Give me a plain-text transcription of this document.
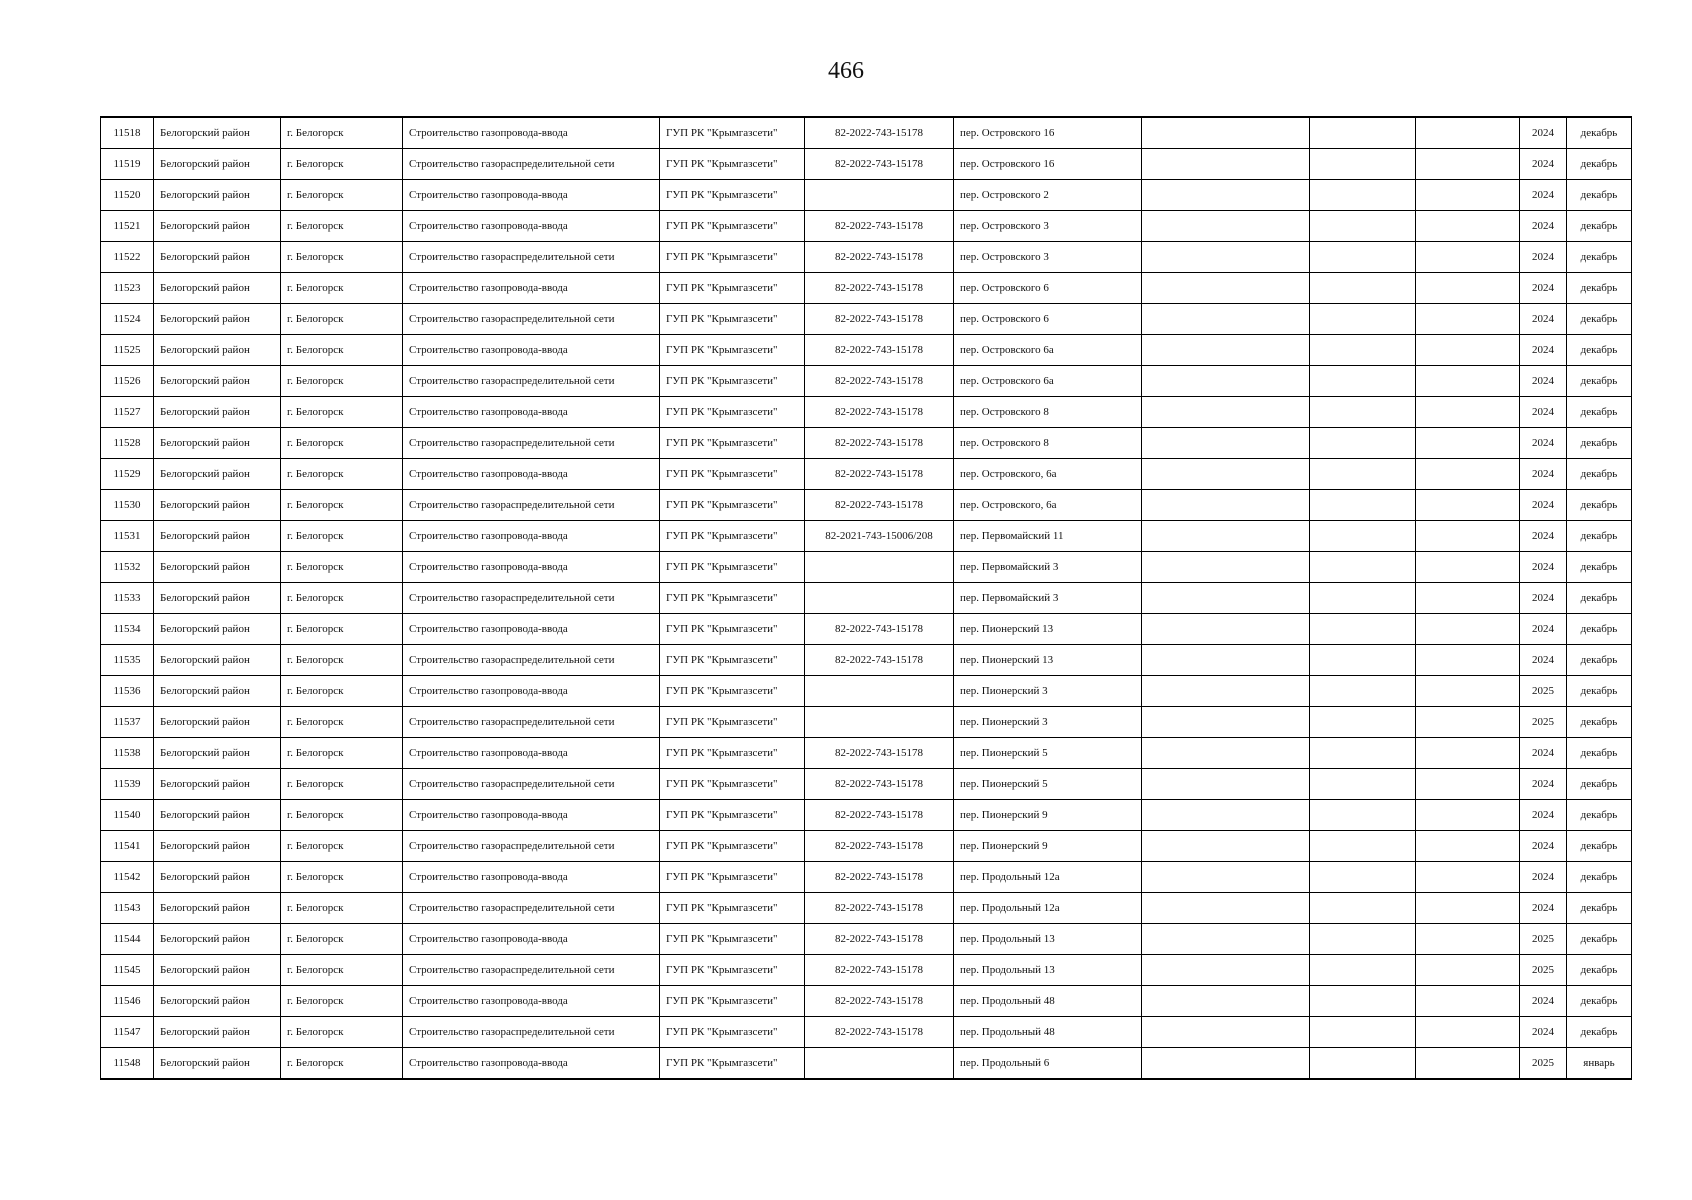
466
11518	Белогорский район	г. Белогорск	Строительство газопровода-ввода	ГУП РК "Крымгазсети"	82-2022-743-15178	пер. Островского 16				2024	декабрь
11519	Белогорский район	г. Белогорск	Строительство газораспределительной сети	ГУП РК "Крымгазсети"	82-2022-743-15178	пер. Островского 16				2024	декабрь
11520	Белогорский район	г. Белогорск	Строительство газопровода-ввода	ГУП РК "Крымгазсети"		пер. Островского 2				2024	декабрь
11521	Белогорский район	г. Белогорск	Строительство газопровода-ввода	ГУП РК "Крымгазсети"	82-2022-743-15178	пер. Островского 3				2024	декабрь
11522	Белогорский район	г. Белогорск	Строительство газораспределительной сети	ГУП РК "Крымгазсети"	82-2022-743-15178	пер. Островского 3				2024	декабрь
11523	Белогорский район	г. Белогорск	Строительство газопровода-ввода	ГУП РК "Крымгазсети"	82-2022-743-15178	пер. Островского 6				2024	декабрь
11524	Белогорский район	г. Белогорск	Строительство газораспределительной сети	ГУП РК "Крымгазсети"	82-2022-743-15178	пер. Островского 6				2024	декабрь
11525	Белогорский район	г. Белогорск	Строительство газопровода-ввода	ГУП РК "Крымгазсети"	82-2022-743-15178	пер. Островского 6а				2024	декабрь
11526	Белогорский район	г. Белогорск	Строительство газораспределительной сети	ГУП РК "Крымгазсети"	82-2022-743-15178	пер. Островского 6а				2024	декабрь
11527	Белогорский район	г. Белогорск	Строительство газопровода-ввода	ГУП РК "Крымгазсети"	82-2022-743-15178	пер. Островского 8				2024	декабрь
11528	Белогорский район	г. Белогорск	Строительство газораспределительной сети	ГУП РК "Крымгазсети"	82-2022-743-15178	пер. Островского 8				2024	декабрь
11529	Белогорский район	г. Белогорск	Строительство газопровода-ввода	ГУП РК "Крымгазсети"	82-2022-743-15178	пер. Островского, 6а				2024	декабрь
11530	Белогорский район	г. Белогорск	Строительство газораспределительной сети	ГУП РК "Крымгазсети"	82-2022-743-15178	пер. Островского, 6а				2024	декабрь
11531	Белогорский район	г. Белогорск	Строительство газопровода-ввода	ГУП РК "Крымгазсети"	82-2021-743-15006/208	пер. Первомайский 11				2024	декабрь
11532	Белогорский район	г. Белогорск	Строительство газопровода-ввода	ГУП РК "Крымгазсети"		пер. Первомайский 3				2024	декабрь
11533	Белогорский район	г. Белогорск	Строительство газораспределительной сети	ГУП РК "Крымгазсети"		пер. Первомайский 3				2024	декабрь
11534	Белогорский район	г. Белогорск	Строительство газопровода-ввода	ГУП РК "Крымгазсети"	82-2022-743-15178	пер. Пионерский 13				2024	декабрь
11535	Белогорский район	г. Белогорск	Строительство газораспределительной сети	ГУП РК "Крымгазсети"	82-2022-743-15178	пер. Пионерский 13				2024	декабрь
11536	Белогорский район	г. Белогорск	Строительство газопровода-ввода	ГУП РК "Крымгазсети"		пер. Пионерский 3				2025	декабрь
11537	Белогорский район	г. Белогорск	Строительство газораспределительной сети	ГУП РК "Крымгазсети"		пер. Пионерский 3				2025	декабрь
11538	Белогорский район	г. Белогорск	Строительство газопровода-ввода	ГУП РК "Крымгазсети"	82-2022-743-15178	пер. Пионерский 5				2024	декабрь
11539	Белогорский район	г. Белогорск	Строительство газораспределительной сети	ГУП РК "Крымгазсети"	82-2022-743-15178	пер. Пионерский 5				2024	декабрь
11540	Белогорский район	г. Белогорск	Строительство газопровода-ввода	ГУП РК "Крымгазсети"	82-2022-743-15178	пер. Пионерский 9				2024	декабрь
11541	Белогорский район	г. Белогорск	Строительство газораспределительной сети	ГУП РК "Крымгазсети"	82-2022-743-15178	пер. Пионерский 9				2024	декабрь
11542	Белогорский район	г. Белогорск	Строительство газопровода-ввода	ГУП РК "Крымгазсети"	82-2022-743-15178	пер. Продольный 12а				2024	декабрь
11543	Белогорский район	г. Белогорск	Строительство газораспределительной сети	ГУП РК "Крымгазсети"	82-2022-743-15178	пер. Продольный 12а				2024	декабрь
11544	Белогорский район	г. Белогорск	Строительство газопровода-ввода	ГУП РК "Крымгазсети"	82-2022-743-15178	пер. Продольный 13				2025	декабрь
11545	Белогорский район	г. Белогорск	Строительство газораспределительной сети	ГУП РК "Крымгазсети"	82-2022-743-15178	пер. Продольный 13				2025	декабрь
11546	Белогорский район	г. Белогорск	Строительство газопровода-ввода	ГУП РК "Крымгазсети"	82-2022-743-15178	пер. Продольный 48				2024	декабрь
11547	Белогорский район	г. Белогорск	Строительство газораспределительной сети	ГУП РК "Крымгазсети"	82-2022-743-15178	пер. Продольный 48				2024	декабрь
11548	Белогорский район	г. Белогорск	Строительство газопровода-ввода	ГУП РК "Крымгазсети"		пер. Продольный 6				2025	январь
